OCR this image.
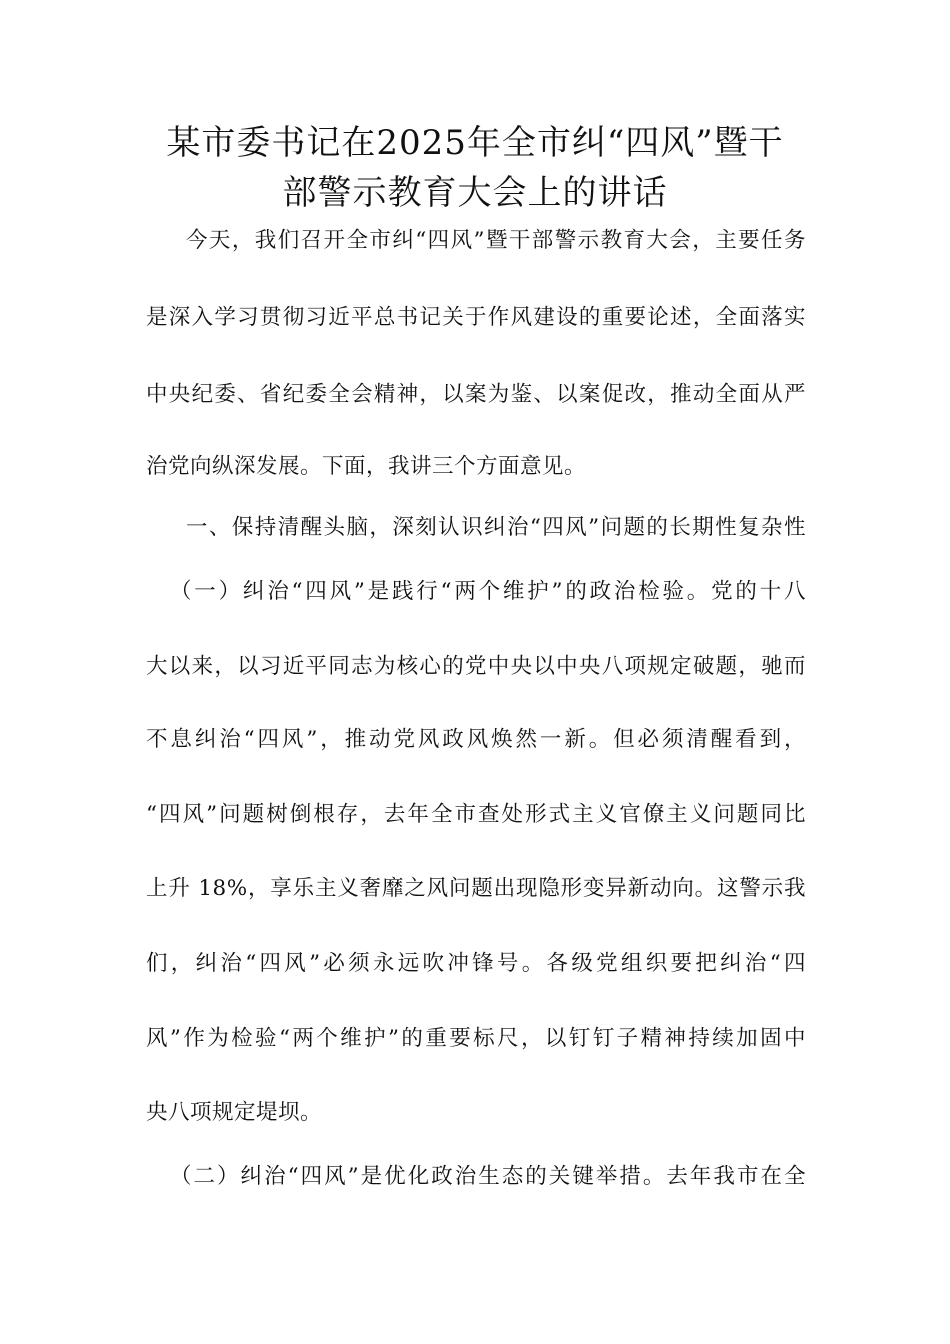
某市委书记在2025年全市纠“四风”暨干
部警示教育大会上的讲话
今天，我们召开全市纠“四风”暨干部警示教育大会，主要任务
是深入学习贯彻习近平总书记关于作风建设的重要论述，全面落实
中央纪委、省纪委全会精神，以案为鉴、以案促改，推动全面从严
治党向纵深发展。下面，我讲三个方面意见。
一、保持清醒头脑，深刻认识纠治“四风”问题的长期性复杂性
（一）纠治“四风”是践行“两个维护”的政治检验。党的十八
大以来，以习近平同志为核心的党中央以中央八项规定破题，驰而
不息纠治“四风”，推动党风政风焕然一新。但必须清醒看到，
“四风”问题树倒根存，去年全市查处形式主义官僚主义问题同比
上升 18%，享乐主义奢靡之风问题出现隐形变异新动向。这警示我
们，纠治“四风”必须永远吹冲锋号。各级党组织要把纠治“四
风”作为检验“两个维护”的重要标尺，以钉钉子精神持续加固中
央八项规定堤坝。
（二）纠治“四风”是优化政治生态的关键举措。去年我市在全
